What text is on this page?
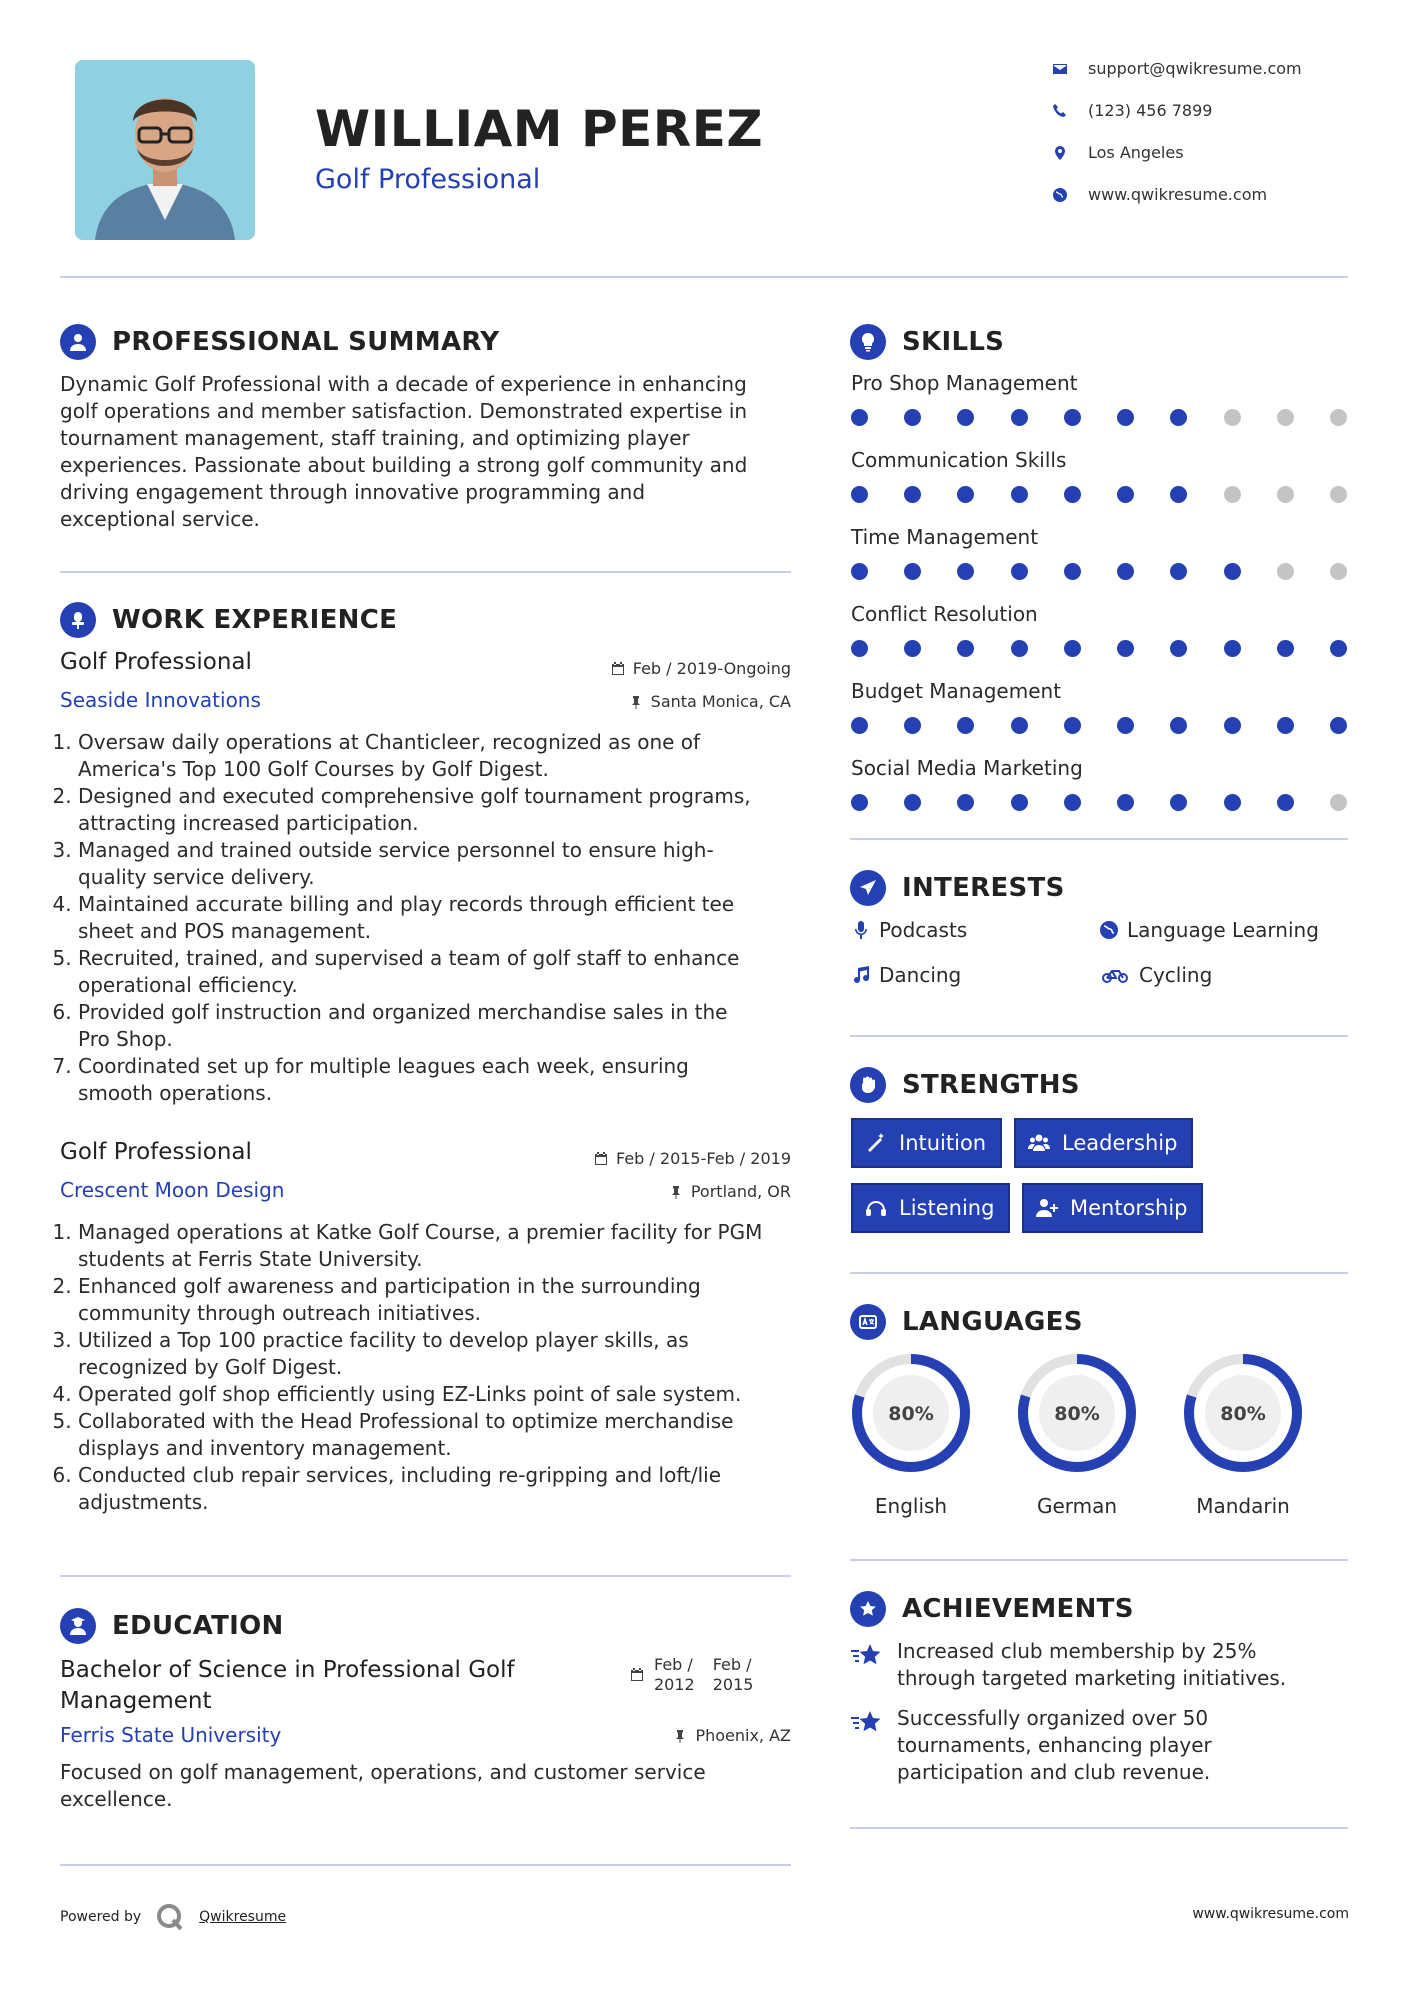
WILLIAM PEREZ
Golf Professional
support@qwikresume.com
(123) 456 7899
Los Angeles
www.qwikresume.com
PROFESSIONAL SUMMARY
Dynamic Golf Professional with a decade of experience in enhancing
golf operations and member satisfaction. Demonstrated expertise in
tournament management, staff training, and optimizing player
experiences. Passionate about building a strong golf community and
driving engagement through innovative programming and
exceptional service.
WORK EXPERIENCE
Golf Professional	Feb / 2019-Ongoing
Seaside Innovations	Santa Monica, CA
1. Oversaw daily operations at Chanticleer, recognized as one of
America's Top 100 Golf Courses by Golf Digest.
2. Designed and executed comprehensive golf tournament programs,
attracting increased participation.
3. Managed and trained outside service personnel to ensure high-
quality service delivery.
4. Maintained accurate billing and play records through efficient tee
sheet and POS management.
5. Recruited, trained, and supervised a team of golf staff to enhance
operational efficiency.
6. Provided golf instruction and organized merchandise sales in the
Pro Shop.
7. Coordinated set up for multiple leagues each week, ensuring
smooth operations.
Golf Professional	Feb / 2015-Feb / 2019
Crescent Moon Design	Portland, OR
1. Managed operations at Katke Golf Course, a premier facility for PGM
students at Ferris State University.
2. Enhanced golf awareness and participation in the surrounding
community through outreach initiatives.
3. Utilized a Top 100 practice facility to develop player skills, as
recognized by Golf Digest.
4. Operated golf shop efficiently using EZ-Links point of sale system.
5. Collaborated with the Head Professional to optimize merchandise
displays and inventory management.
6. Conducted club repair services, including re-gripping and loft/lie
adjustments.
EDUCATION
Bachelor of Science in Professional Golf
Management
Feb /
2012
Feb /
2015
Ferris State University	Phoenix, AZ
Focused on golf management, operations, and customer service
excellence.
SKILLS
Pro Shop Management
Communication Skills
Time Management
Conflict Resolution
Budget Management
Social Media Marketing
INTERESTS
Podcasts	Language Learning
Dancing	Cycling
STRENGTHS
Intuition	Leadership
Listening	Mentorship
LANGUAGES
80%
English
80%
German
80%
Mandarin
ACHIEVEMENTS
Increased club membership by 25%
through targeted marketing initiatives.
Successfully organized over 50
tournaments, enhancing player
participation and club revenue.
Powered by	Qwikresume	www.qwikresume.com
